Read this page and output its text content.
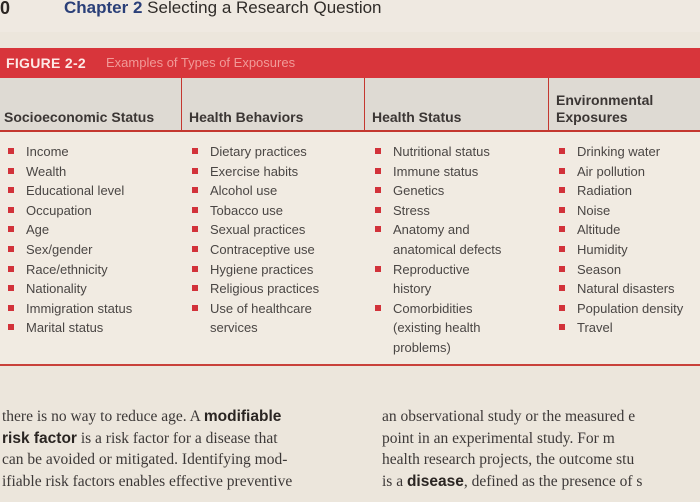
0	Chapter 2 Selecting a Research Question
FIGURE 2-2 Examples of Types of Exposures
Socioeconomic Status Health Behaviors	Health Status
Environmental Exposures
Income
Wealth
Educational level
Occupation
Age
Sex/gender
Race/ethnicity
Nationality
Immigration status
Marital status
Dietary practices
Exercise habits
Alcohol use
Tobacco use
Sexual practices
Contraceptive use
Hygiene practices
Religious practices
Use of healthcare services
Nutritional status
Immune status
Genetics
Stress
Anatomy and anatomical defects
Reproductive history
Comorbidities (existing health problems)
Drinking water
Air pollution
Radiation
Noise
Altitude
Humidity
Season
Natural disasters
Population density
Travel
there is no way to reduce age. A modifiable
risk factor is a risk factor for a disease that
can be avoided or mitigated. Identifying mod-
ifiable risk factors enables effective preventive
an observational study or the measured e
point in an experimental study. For m
health research projects, the outcome stu
is a disease, defined as the presence of s
